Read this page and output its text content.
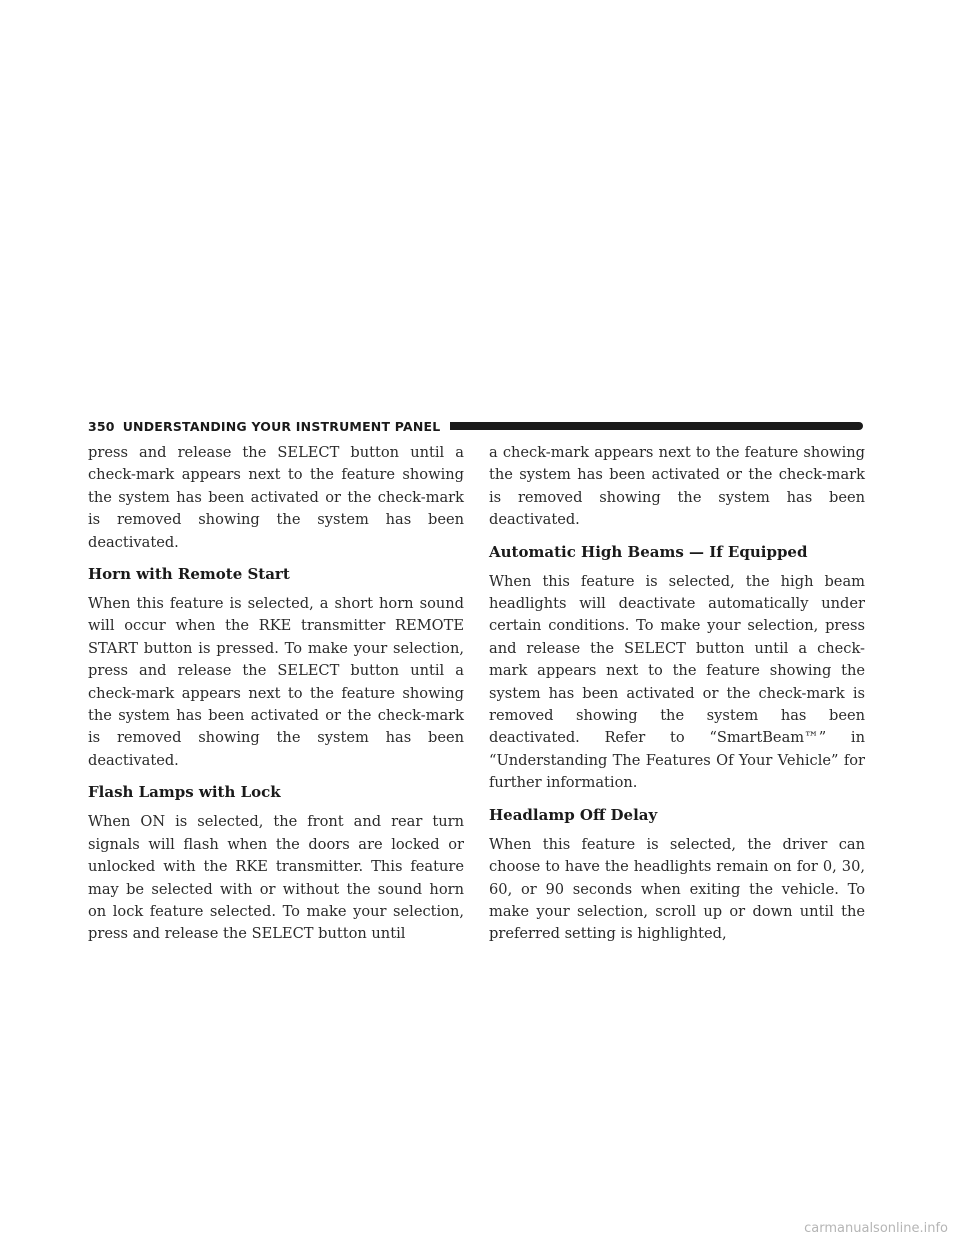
350 UNDERSTANDING YOUR INSTRUMENT PANEL

press and release the SELECT button until a check-mark appears next to the feature showing the system has been activated or the check-mark is removed showing the system has been deactivated.

Horn with Remote Start

When this feature is selected, a short horn sound will occur when the RKE transmitter REMOTE START button is pressed. To make your selection, press and release the SELECT button until a check-mark appears next to the feature showing the system has been activated or the check-mark is removed showing the system has been deactivated.

Flash Lamps with Lock

When ON is selected, the front and rear turn signals will flash when the doors are locked or unlocked with the RKE transmitter. This feature may be selected with or without the sound horn on lock feature selected. To make your selection, press and release the SELECT button until

a check-mark appears next to the feature showing the system has been activated or the check-mark is removed showing the system has been deactivated.

Automatic High Beams — If Equipped

When this feature is selected, the high beam headlights will deactivate automatically under certain conditions. To make your selection, press and release the SELECT button until a check-mark appears next to the feature showing the system has been activated or the check-mark is removed showing the system has been deactivated. Refer to “SmartBeam™” in “Understanding The Features Of Your Vehicle” for further information.

Headlamp Off Delay

When this feature is selected, the driver can choose to have the headlights remain on for 0, 30, 60, or 90 seconds when exiting the vehicle. To make your selection, scroll up or down until the preferred setting is highlighted,

carmanualsonline.info
